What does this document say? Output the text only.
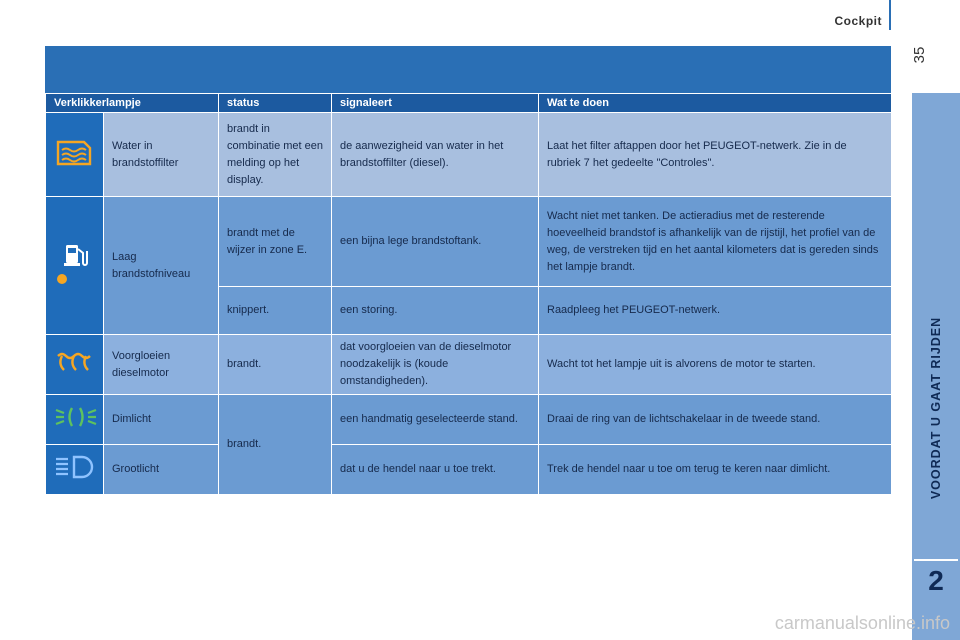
Cockpit
35
VOORDAT U GAAT RIJDEN
2
Verklikkerlampje		status	signaleert	Wat te doen
	Water in brandstoffilter	brandt in combinatie met een melding op het display.	de aanwezigheid van water in het brandstoffilter (diesel).	Laat het filter aftappen door het PEUGEOT-netwerk. Zie in de rubriek 7 het gedeelte "Controles".
	Laag brandstofniveau	brandt met de wijzer in zone E.	een bijna lege brandstoftank.	Wacht niet met tanken. De actieradius met de resterende hoeveelheid brandstof is afhankelijk van de rijstijl, het profiel van de weg, de verstreken tijd en het aantal kilometers dat is gereden sinds het lampje brandt.
		knippert.	een storing.	Raadpleeg het PEUGEOT-netwerk.
	Voorgloeien dieselmotor	brandt.	dat voorgloeien van de dieselmotor noodzakelijk is (koude omstandigheden).	Wacht tot het lampje uit is alvorens de motor te starten.
	Dimlicht	brandt.	een handmatig geselecteerde stand.	Draai de ring van de lichtschakelaar in de tweede stand.
	Grootlicht		dat u de hendel naar u toe trekt.	Trek de hendel naar u toe om terug te keren naar dimlicht.
carmanualsonline.info
